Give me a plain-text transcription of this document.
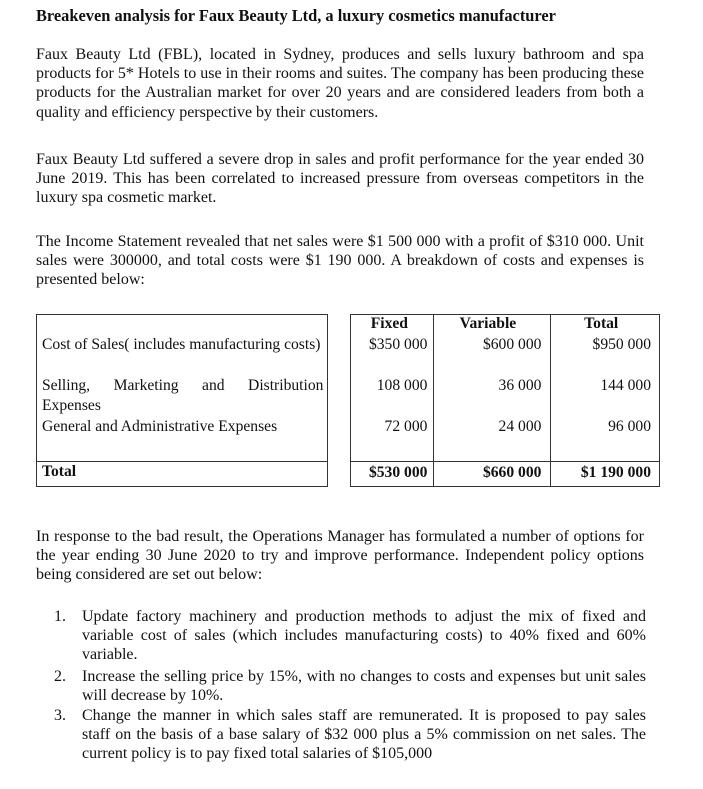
Breakeven analysis for Faux Beauty Ltd, a luxury cosmetics manufacturer
Faux Beauty Ltd (FBL), located in Sydney, produces and sells luxury bathroom and spa products for 5* Hotels to use in their rooms and suites. The company has been producing these products for the Australian market for over 20 years and are considered leaders from both a quality and efficiency perspective by their customers.
Faux Beauty Ltd suffered a severe drop in sales and profit performance for the year ended 30 June 2019. This has been correlated to increased pressure from overseas competitors in the luxury spa cosmetic market.
The Income Statement revealed that net sales were $1 500 000 with a profit of $310 000. Unit sales were 300000, and total costs were $1 190 000. A breakdown of costs and expenses is presented below:
		Fixed	Variable	Total
Cost of Sales( includes manufacturing costs)		$350 000	$600 000	$950 000
Selling, Marketing and Distribution Expenses		108 000	36 000	144 000
General and Administrative Expenses		72 000	24 000	96 000
Total		$530 000	$660 000	$1 190 000
In response to the bad result, the Operations Manager has formulated a number of options for the year ending 30 June 2020 to try and improve performance. Independent policy options being considered are set out below:
1. Update factory machinery and production methods to adjust the mix of fixed and variable cost of sales (which includes manufacturing costs) to 40% fixed and 60% variable.
2. Increase the selling price by 15%, with no changes to costs and expenses but unit sales will decrease by 10%.
3. Change the manner in which sales staff are remunerated. It is proposed to pay sales staff on the basis of a base salary of $32 000 plus a 5% commission on net sales. The current policy is to pay fixed total salaries of $105,000
